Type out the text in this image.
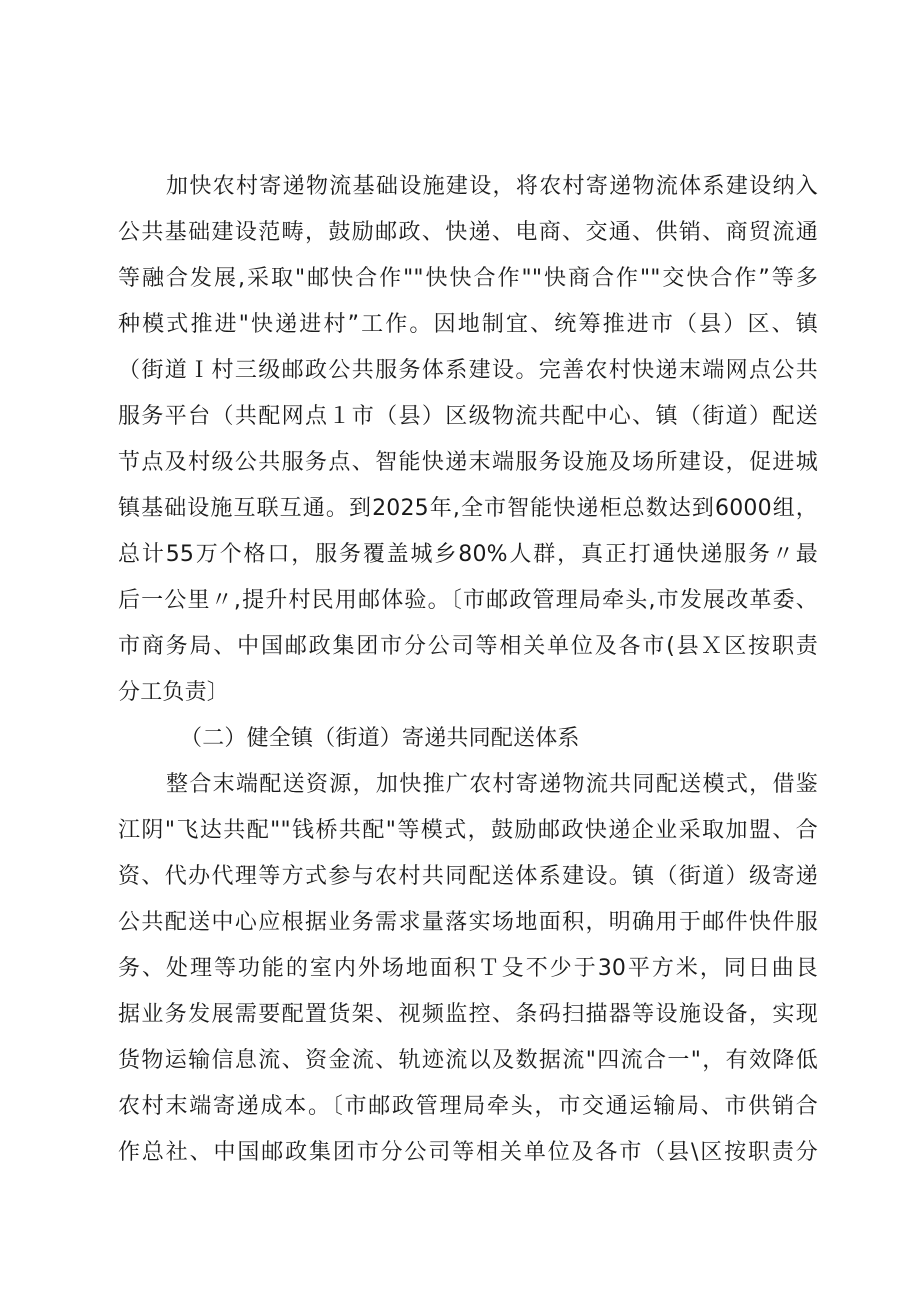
加快农村寄递物流基础设施建设，将农村寄递物流体系建设纳入
公共基础建设范畴，鼓励邮政、快递、电商、交通、供销、商贸流通
等融合发展,采取"邮快合作""快快合作""快商合作""交快合作”等多
种模式推进"快递进村”工作。因地制宜、统筹推进市（县）区、镇
（街道Ｉ村三级邮政公共服务体系建设。完善农村快递末端网点公共
服务平台（共配网点１市（县）区级物流共配中心、镇（街道）配送
节点及村级公共服务点、智能快递末端服务设施及场所建设，促进城
镇基础设施互联互通。到2025年,全市智能快递柜总数达到6000组，
总计55万个格口，服务覆盖城乡80%人群，真正打通快递服务〃最
后一公里〃,提升村民用邮体验。〔市邮政管理局牵头,市发展改革委、
市商务局、中国邮政集团市分公司等相关单位及各市(县Ｘ区按职责
分工负责〕
（二）健全镇（街道）寄递共同配送体系
整合末端配送资源，加快推广农村寄递物流共同配送模式，借鉴
江阴"飞达共配""钱桥共配"等模式，鼓励邮政快递企业采取加盟、合
资、代办代理等方式参与农村共同配送体系建设。镇（街道）级寄递
公共配送中心应根据业务需求量落实场地面积，明确用于邮件快件服
务、处理等功能的室内外场地面积Ｔ殳不少于30平方米，同日曲艮
据业务发展需要配置货架、视频监控、条码扫描器等设施设备，实现
货物运输信息流、资金流、轨迹流以及数据流"四流合一"，有效降低
农村末端寄递成本。〔市邮政管理局牵头，市交通运输局、市供销合
作总社、中国邮政集团市分公司等相关单位及各市（县\区按职责分
